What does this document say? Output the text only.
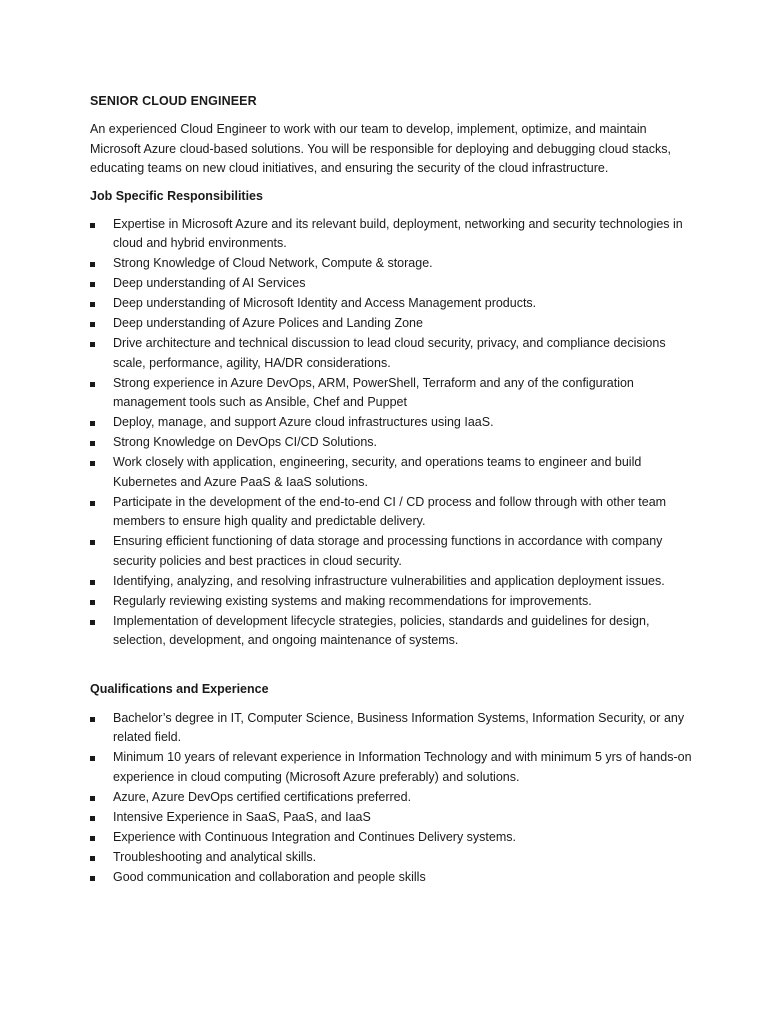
SENIOR CLOUD ENGINEER

An experienced Cloud Engineer to work with our team to develop, implement, optimize, and maintain Microsoft Azure cloud-based solutions. You will be responsible for deploying and debugging cloud stacks, educating teams on new cloud initiatives, and ensuring the security of the cloud infrastructure.

Job Specific Responsibilities
Expertise in Microsoft Azure and its relevant build, deployment, networking and security technologies in cloud and hybrid environments.
Strong Knowledge of Cloud Network, Compute & storage.
Deep understanding of AI Services
Deep understanding of Microsoft Identity and Access Management products.
Deep understanding of Azure Polices and Landing Zone
Drive architecture and technical discussion to lead cloud security, privacy, and compliance decisions scale, performance, agility, HA/DR considerations.
Strong experience in Azure DevOps, ARM, PowerShell, Terraform and any of the configuration management tools such as Ansible, Chef and Puppet
Deploy, manage, and support Azure cloud infrastructures using IaaS.
Strong Knowledge on DevOps CI/CD Solutions.
Work closely with application, engineering, security, and operations teams to engineer and build Kubernetes and Azure PaaS & IaaS solutions.
Participate in the development of the end-to-end CI / CD process and follow through with other team members to ensure high quality and predictable delivery.
Ensuring efficient functioning of data storage and processing functions in accordance with company security policies and best practices in cloud security.
Identifying, analyzing, and resolving infrastructure vulnerabilities and application deployment issues.
Regularly reviewing existing systems and making recommendations for improvements.
Implementation of development lifecycle strategies, policies, standards and guidelines for design, selection, development, and ongoing maintenance of systems.
Qualifications and Experience
Bachelor’s degree in IT, Computer Science, Business Information Systems, Information Security, or any related field.
Minimum 10 years of relevant experience in Information Technology and with minimum 5 yrs of hands-on experience in cloud computing (Microsoft Azure preferably) and solutions.
Azure, Azure DevOps certified certifications preferred.
Intensive Experience in SaaS, PaaS, and IaaS
Experience with Continuous Integration and Continues Delivery systems.
Troubleshooting and analytical skills.
Good communication and collaboration and people skills
